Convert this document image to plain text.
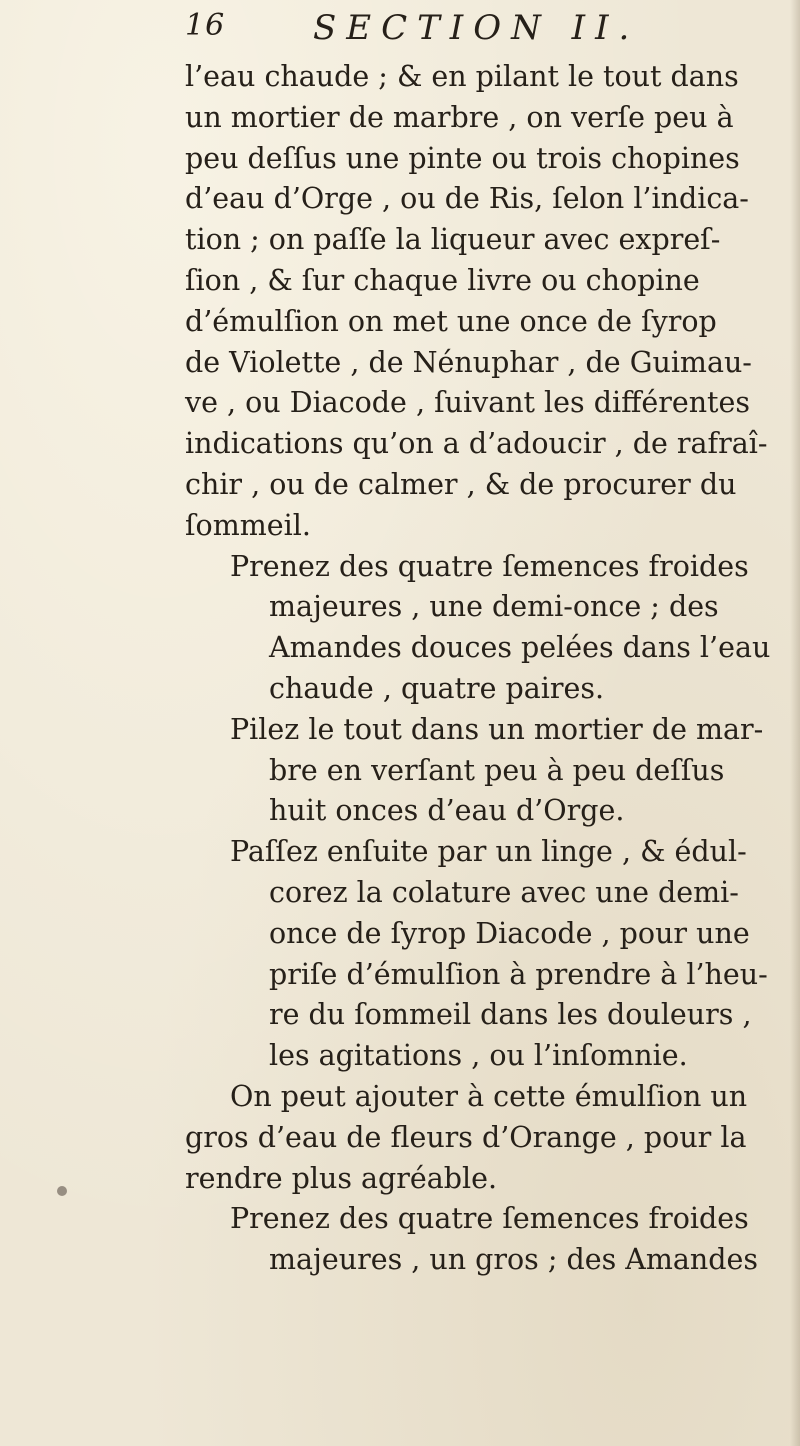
16	SECTION II.
l’eau chaude ; & en pilant le tout dans
un mortier de marbre , on verſe peu à
peu deſſus une pinte ou trois chopines
d’eau d’Orge , ou de Ris, ſelon l’indica-
tion ; on paſſe la liqueur avec expreſ-
ſion , & ſur chaque livre ou chopine
d’émulſion on met une once de ſyrop
de Violette , de Nénuphar , de Guimau-
ve , ou Diacode , ſuivant les différentes
indications qu’on a d’adoucir , de rafraî-
chir , ou de calmer , & de procurer du
ſommeil.
Prenez des quatre ſemences froides
majeures , une demi-once ; des
Amandes douces pelées dans l’eau
chaude , quatre paires.
Pilez le tout dans un mortier de mar-
bre en verſant peu à peu deſſus
huit onces d’eau d’Orge.
Paſſez enſuite par un linge , & édul-
corez la colature avec une demi-
once de ſyrop Diacode , pour une
priſe d’émulſion à prendre à l’heu-
re du ſommeil dans les douleurs ,
les agitations , ou l’inſomnie.
On peut ajouter à cette émulſion un
gros d’eau de fleurs d’Orange , pour la
rendre plus agréable.
Prenez des quatre ſemences froides
majeures , un gros ; des Amandes
